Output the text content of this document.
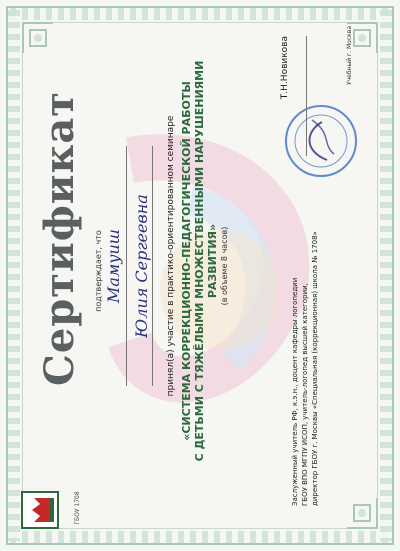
ГБОУ 1708
Сертификат подтверждает, что Мамуиш Юлия Сергеевна принял(а) участие в практико-ориентированном семинаре «СИСТЕМА КОРРЕКЦИОННО-ПЕДАГОГИЧЕСКОЙ РАБОТЫ С ДЕТЬМИ С ТЯЖЁЛЫМИ МНОЖЕСТВЕННЫМИ НАРУШЕНИЯМИ РАЗВИТИЯ» (в объеме 8 часов)
Заслуженный учитель РФ, к.э.н., доцент кафедры логопедии ГБОУ ВПО МГПУ ИСОП, учитель-логопед высшей категории, директор ГБОУ г. Москвы «Специальная (коррекционная) школа № 1708»
Т.Н.Новикова	Учебный г. Москва
